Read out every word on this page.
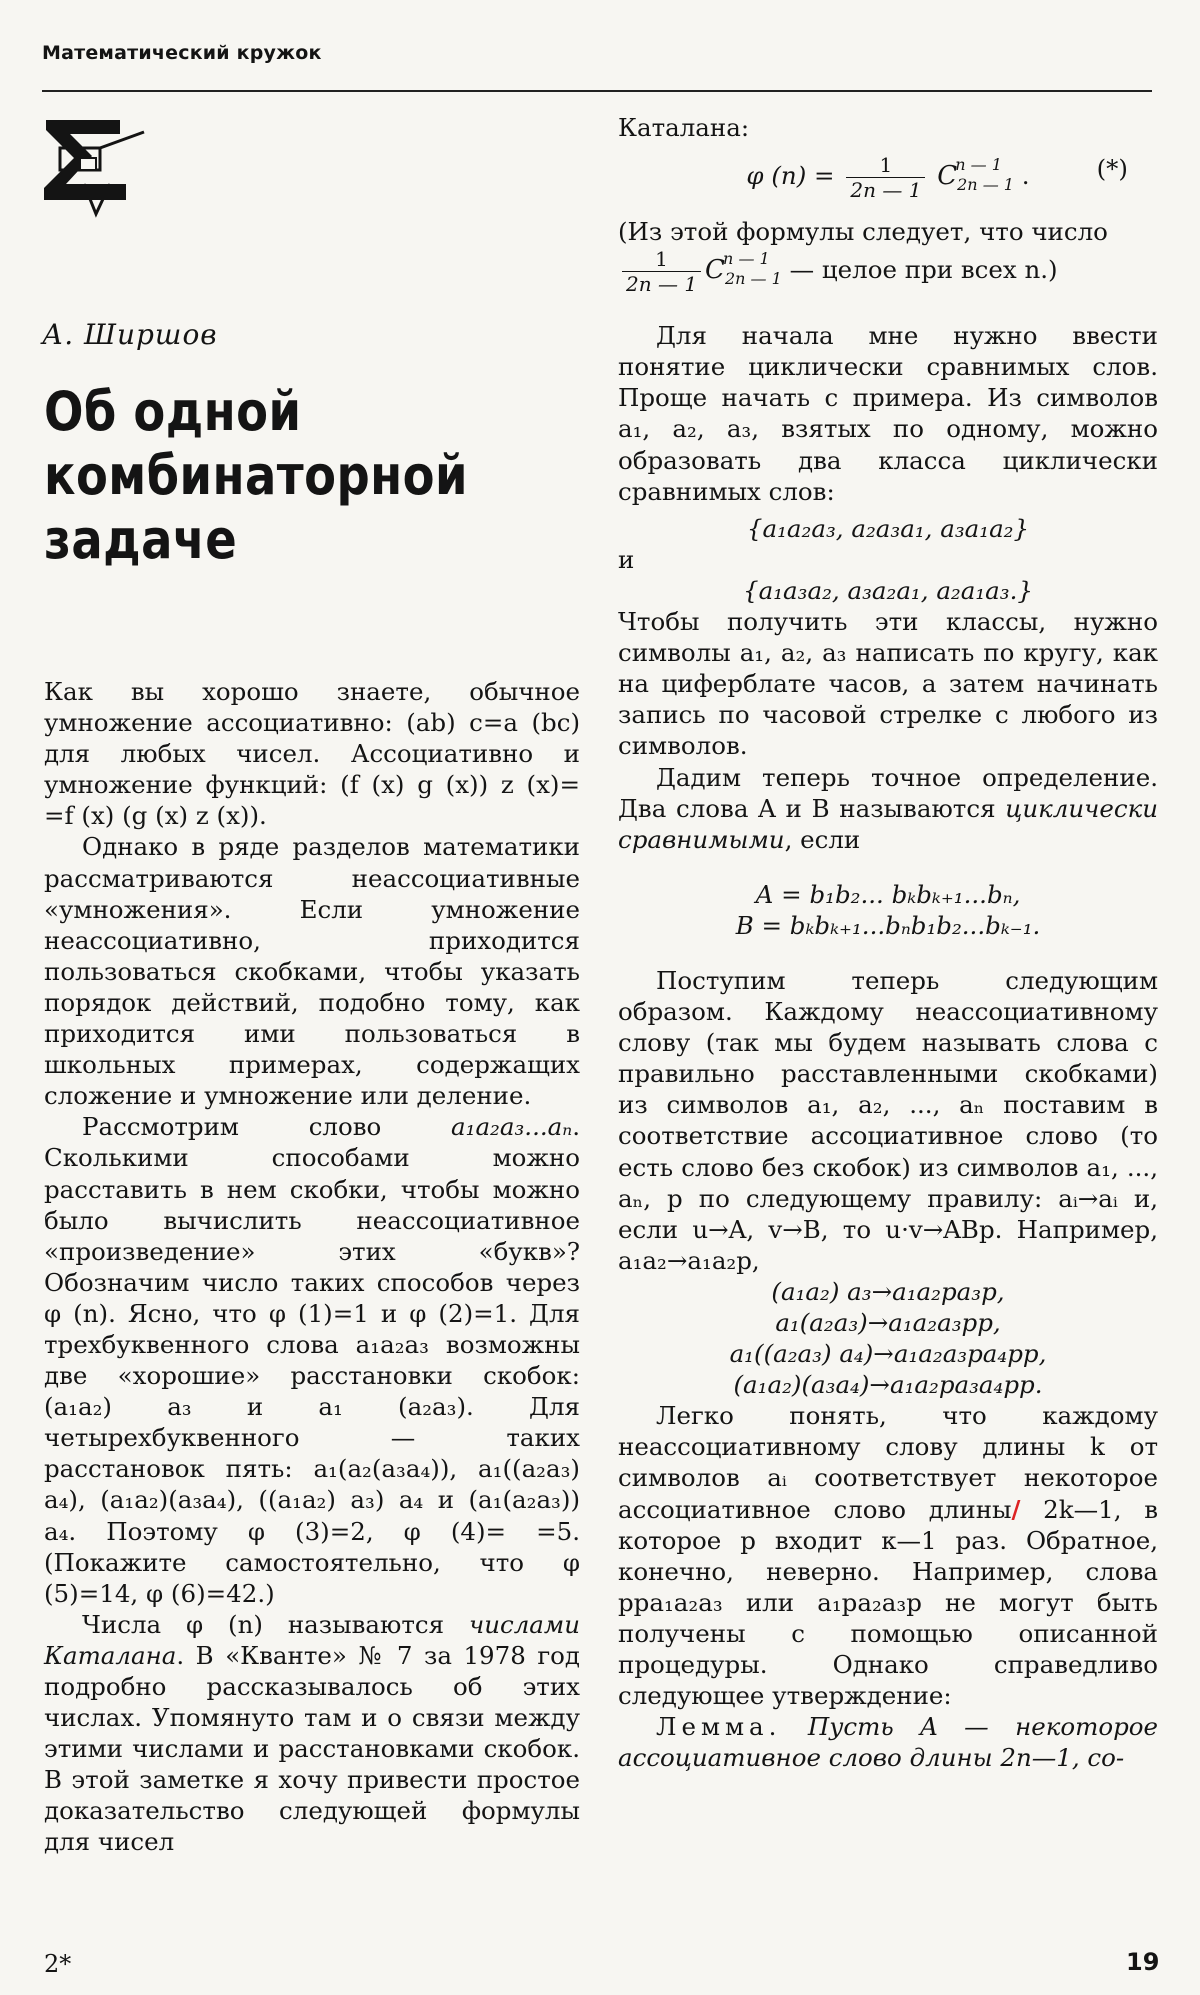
Математический кружок
А. Ширшов
Об одной
комбинаторной
задаче

Как вы хорошо знаете, обычное умножение ассоциативно: (ab) c=a (bc) для любых чисел. Ассоциативно и умножение функций: (f (x) g (x)) z (x)= =f (x) (g (x) z (x)).

Однако в ряде разделов математики рассматриваются неассоциативные «умножения». Если умножение неассоциативно, приходится пользоваться скобками, чтобы указать порядок действий, подобно тому, как приходится ими пользоваться в школьных примерах, содержащих сложение и умножение или деление.

Рассмотрим слово a₁a₂a₃...aₙ. Сколькими способами можно расставить в нем скобки, чтобы можно было вычислить неассоциативное «произведение» этих «букв»? Обозначим число таких способов через φ (n). Ясно, что φ (1)=1 и φ (2)=1. Для трехбуквенного слова a₁a₂a₃ возможны две «хорошие» расстановки скобок: (a₁a₂) a₃ и a₁ (a₂a₃). Для четырехбуквенного — таких расстановок пять: a₁(a₂(a₃a₄)), a₁((a₂a₃) a₄), (a₁a₂)(a₃a₄), ((a₁a₂) a₃) a₄ и (a₁(a₂a₃)) a₄. Поэтому φ (3)=2, φ (4)= =5. (Покажите самостоятельно, что φ (5)=14, φ (6)=42.)

Числа φ (n) называются числами Каталана. В «Кванте» № 7 за 1978 год подробно рассказывалось об этих числах. Упомянуто там и о связи между этими числами и расстановками скобок. В этой заметке я хочу привести простое доказательство следующей формулы для чисел

Каталана:

φ $(n) = \frac{1}{2n — 1}$ C
n — 1
$_{2n — 1}$ .	(*)

(Из этой формулы следует, что число

$\frac{1}{2n — 1}$ C
n — 1
$_{2n — 1}$ — целое при всех n.)

Для начала мне нужно ввести понятие циклически сравнимых слов. Проще начать с примера. Из символов a₁, a₂, a₃, взятых по одному, можно образовать два класса циклически сравнимых слов:

{a₁a₂a₃, a₂a₃a₁, a₃a₁a₂}

и

{a₁a₃a₂, a₃a₂a₁, a₂a₁a₃.}

Чтобы получить эти классы, нужно символы a₁, a₂, a₃ написать по кругу, как на циферблате часов, а затем начинать запись по часовой стрелке с любого из символов.

Дадим теперь точное определение. Два слова A и B называются циклически сравнимыми, если

A = b₁b₂... bₖbₖ₊₁...bₙ,

B = bₖbₖ₊₁...bₙb₁b₂...bₖ₋₁.

Поступим теперь следующим образом. Каждому неассоциативному слову (так мы будем называть слова с правильно расставленными скобками) из символов a₁, a₂, ..., aₙ поставим в соответствие ассоциативное слово (то есть слово без скобок) из символов a₁, ..., aₙ, p по следующему правилу: aᵢ→aᵢ и, если u→A, v→B, то u·v→ABp. Например, a₁a₂→a₁a₂p,

(a₁a₂) a₃→a₁a₂pa₃p,

a₁(a₂a₃)→a₁a₂a₃pp,

a₁((a₂a₃) a₄)→a₁a₂a₃pa₄pp,

(a₁a₂)(a₃a₄)→a₁a₂pa₃a₄pp.

Легко понять, что каждому неассоциативному слову длины k от символов aᵢ соответствует некоторое ассоциативное слово длины/ 2k—1, в которое p входит к—1 раз. Обратное, конечно, неверно. Например, слова ppa₁a₂a₃ или a₁pa₂a₃p не могут быть получены с помощью описанной процедуры. Однако справедливо следующее утверждение:

Лемма. Пусть A — некоторое ассоциативное слово длины 2n—1, со-

2*	19
